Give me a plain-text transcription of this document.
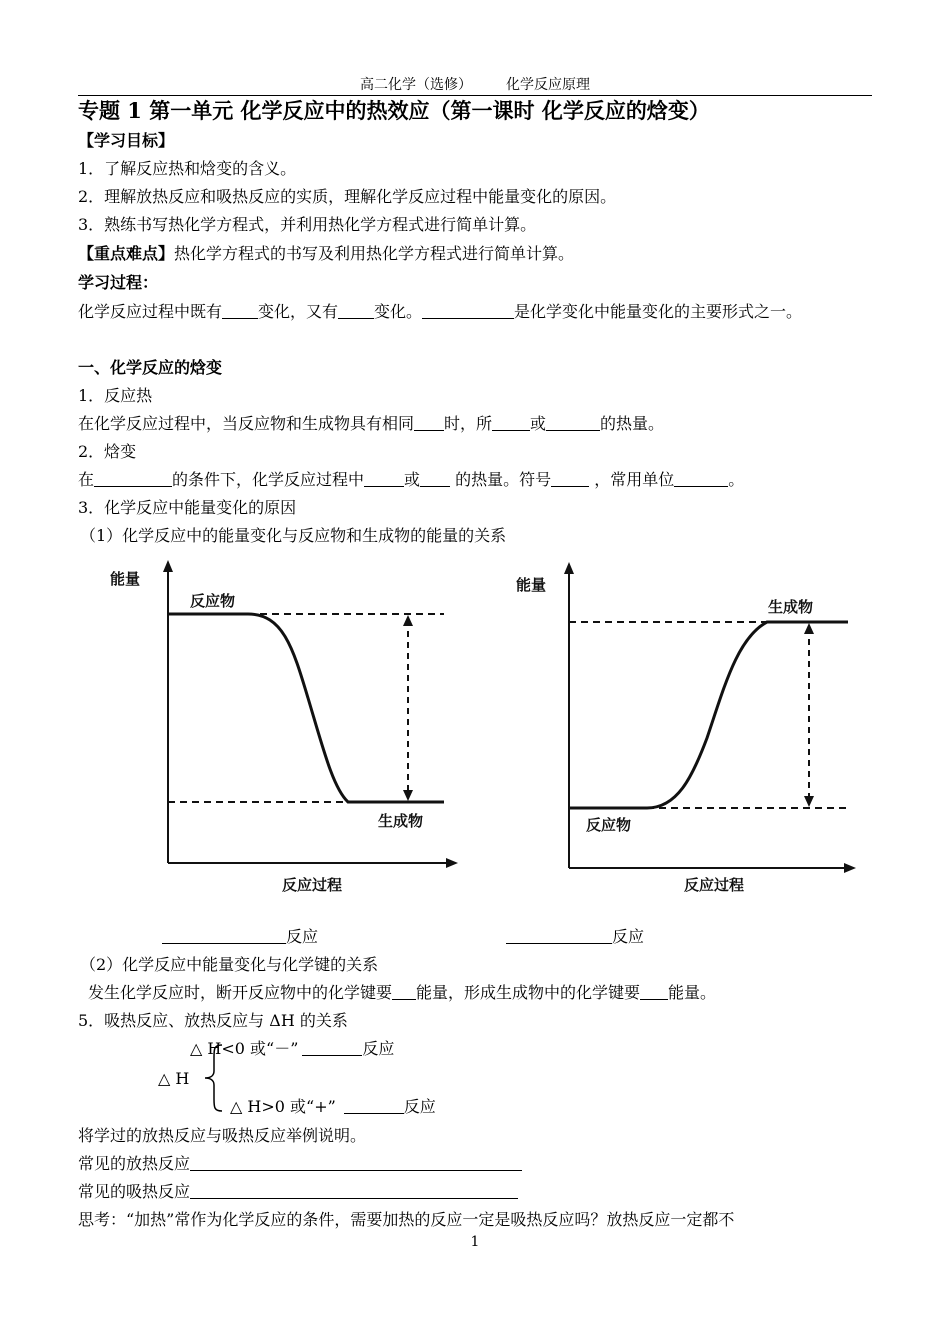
高二化学（选修） 化学反应原理
专题 1 第一单元 化学反应中的热效应（第一课时 化学反应的焓变）
【学习目标】
1．了解反应热和焓变的含义。
2．理解放热反应和吸热反应的实质，理解化学反应过程中能量变化的原因。
3．熟练书写热化学方程式，并利用热化学方程式进行简单计算。
【重点难点】热化学方程式的书写及利用热化学方程式进行简单计算。
学习过程：
化学反应过程中既有 变化，又有 变化。	是化学变化中能量变化的主要形式之一。
一、化学反应的焓变
1．反应热
在化学反应过程中，当反应物和生成物具有相同 时，所 或	的热量。
2．焓变
在	的条件下，化学反应过程中	或 的热量。符号 ，常用单位	。
3．化学反应中能量变化的原因
（1）化学反应中的能量变化与反应物和生成物的能量的关系
能量
反应物
生成物
反应过程
能量
生成物
反应物
反应过程
反应	反应
（2）化学反应中能量变化与化学键的关系
发生化学反应时，断开反应物中的化学键要 能量，形成生成物中的化学键要 能量。
5．吸热反应、放热反应与 ΔH 的关系
△ H<0 或“－”	反应
△ H
△ H>0 或“+”	反应
将学过的放热反应与吸热反应举例说明。
常见的放热反应
常见的吸热反应
思考：“加热”常作为化学反应的条件，需要加热的反应一定是吸热反应吗？放热反应一定都不
1
